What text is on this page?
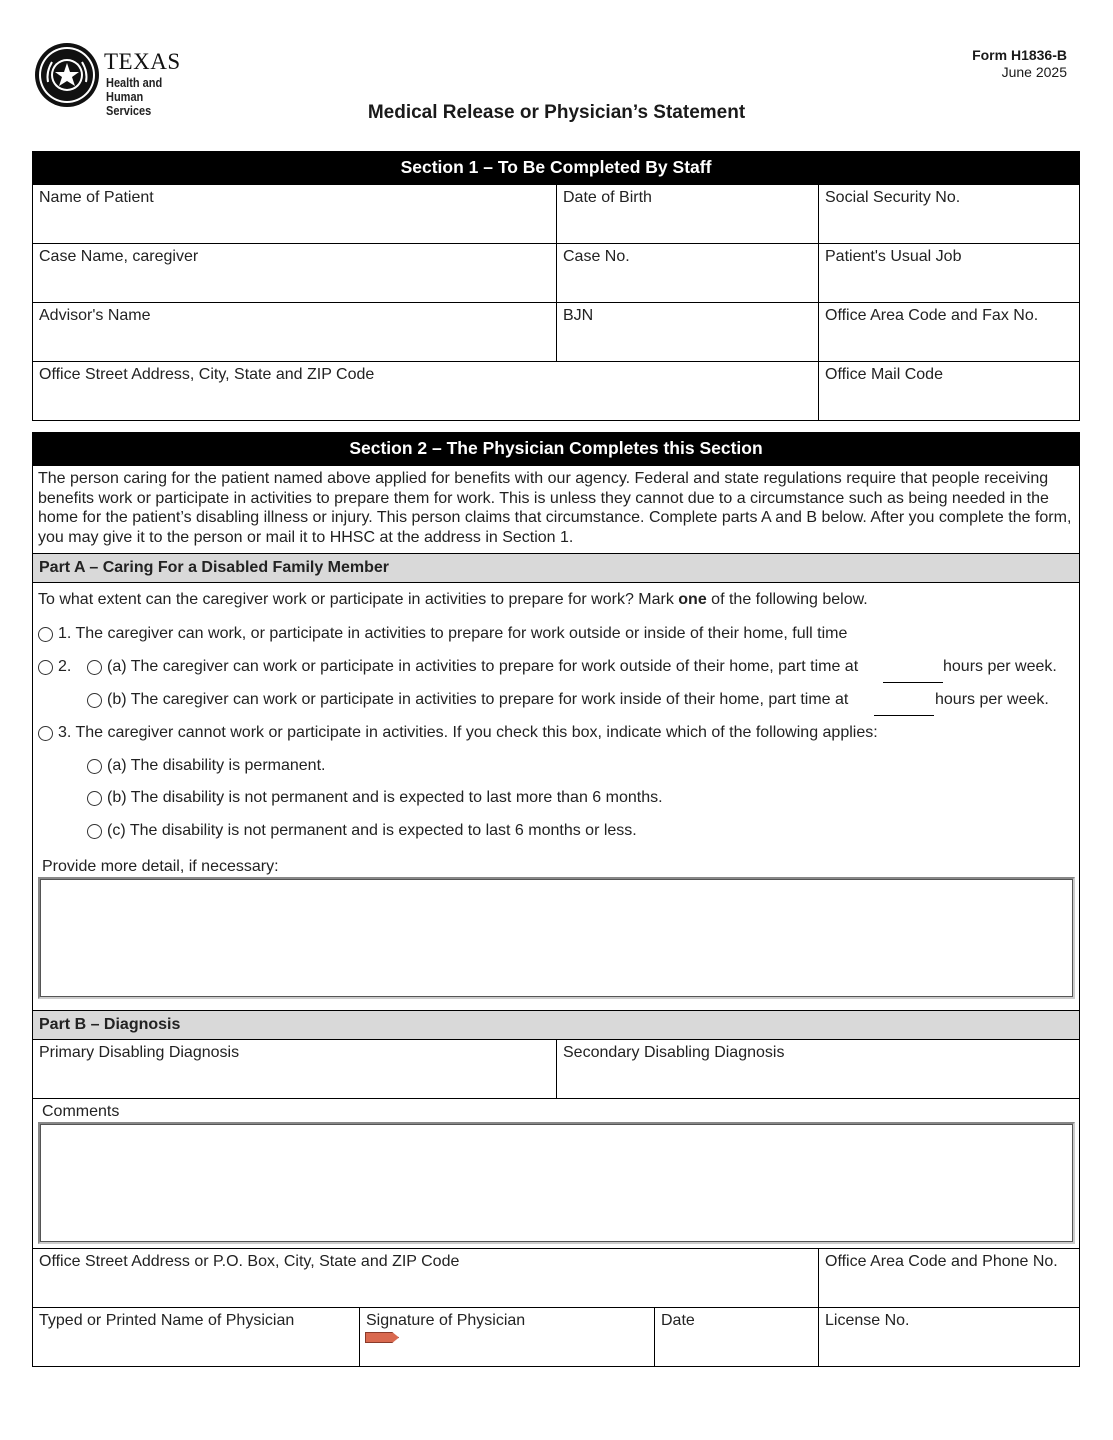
TEXAS
Health and Human
Services
Form H1836-B
June 2025
Medical Release or Physician’s Statement
Section 1 – To Be Completed By Staff
Name of Patient	Date of Birth	Social Security No.
Case Name, caregiver	Case No.	Patient's Usual Job
Advisor's Name	BJN	Office Area Code and Fax No.
Office Street Address, City, State and ZIP Code	Office Mail Code
Section 2 – The Physician Completes this Section
The person caring for the patient named above applied for benefits with our agency. Federal and state regulations require that people receiving benefits work or participate in activities to prepare them for work. This is unless they cannot due to a circumstance such as being needed in the home for the patient’s disabling illness or injury. This person claims that circumstance. Complete parts A and B below. After you complete the form, you may give it to the person or mail it to HHSC at the address in Section 1.
Part A – Caring For a Disabled Family Member
To what extent can the caregiver work or participate in activities to prepare for work? Mark one of the following below.
1. The caregiver can work, or participate in activities to prepare for work outside or inside of their home, full time
2. (a) The caregiver can work or participate in activities to prepare for work outside of their home, part time at	hours per week.
(b) The caregiver can work or participate in activities to prepare for work inside of their home, part time at	hours per week.
3. The caregiver cannot work or participate in activities. If you check this box, indicate which of the following applies:
(a) The disability is permanent.
(b) The disability is not permanent and is expected to last more than 6 months.
(c) The disability is not permanent and is expected to last 6 months or less.
Provide more detail, if necessary:
Part B – Diagnosis
Primary Disabling Diagnosis	Secondary Disabling Diagnosis
Comments
Office Street Address or P.O. Box, City, State and ZIP Code	Office Area Code and Phone No.
Typed or Printed Name of Physician	Signature of Physician	Date	License No.
